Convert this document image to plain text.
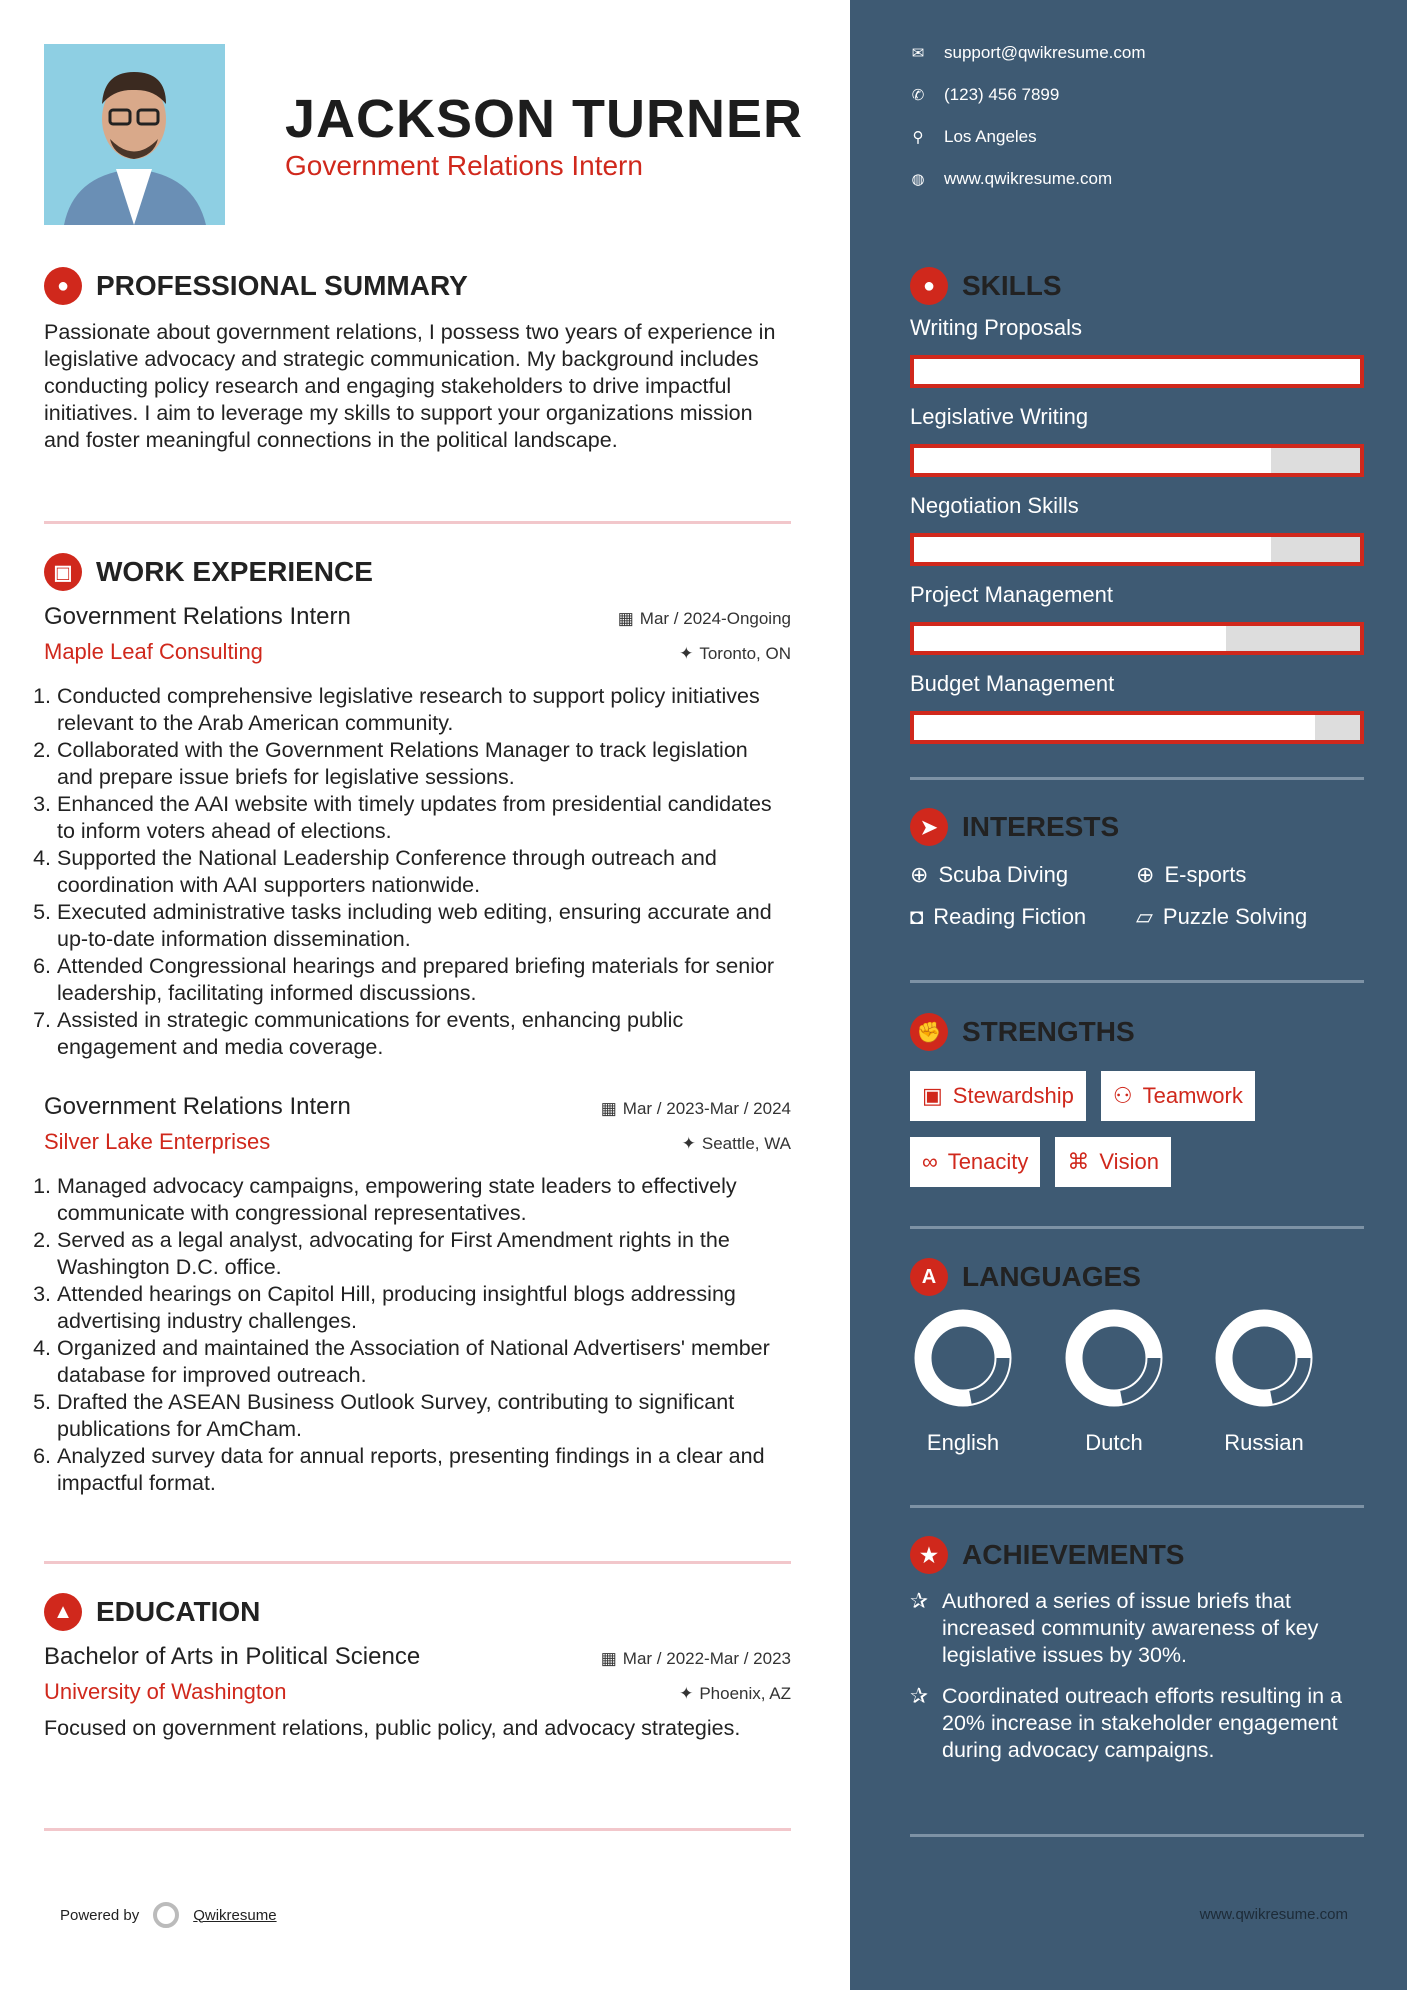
JACKSON TURNER
Government Relations Intern
● PROFESSIONAL SUMMARY

Passionate about government relations, I possess two years of experience in legislative advocacy and strategic communication. My background includes conducting policy research and engaging stakeholders to drive impactful initiatives. I aim to leverage my skills to support your organizations mission and foster meaningful connections in the political landscape.

▣ WORK EXPERIENCE
Government Relations Intern	▦ Mar / 2024-Ongoing
Maple Leaf Consulting	✦ Toronto, ON
1. Conducted comprehensive legislative research to support policy initiatives relevant to the Arab American community.
2. Collaborated with the Government Relations Manager to track legislation and prepare issue briefs for legislative sessions.
3. Enhanced the AAI website with timely updates from presidential candidates to inform voters ahead of elections.
4. Supported the National Leadership Conference through outreach and coordination with AAI supporters nationwide.
5. Executed administrative tasks including web editing, ensuring accurate and up-to-date information dissemination.
6. Attended Congressional hearings and prepared briefing materials for senior leadership, facilitating informed discussions.
7. Assisted in strategic communications for events, enhancing public engagement and media coverage.
Government Relations Intern	▦ Mar / 2023-Mar / 2024
Silver Lake Enterprises	✦ Seattle, WA
1. Managed advocacy campaigns, empowering state leaders to effectively communicate with congressional representatives.
2. Served as a legal analyst, advocating for First Amendment rights in the Washington D.C. office.
3. Attended hearings on Capitol Hill, producing insightful blogs addressing advertising industry challenges.
4. Organized and maintained the Association of National Advertisers' member database for improved outreach.
5. Drafted the ASEAN Business Outlook Survey, contributing to significant publications for AmCham.
6. Analyzed survey data for annual reports, presenting findings in a clear and impactful format.
▲ EDUCATION
Bachelor of Arts in Political Science	▦ Mar / 2022-Mar / 2023
University of Washington	✦ Phoenix, AZ

Focused on government relations, public policy, and advocacy strategies.

Powered by	Qwikresume	www.qwikresume.com
✉ support@qwikresume.com
✆ (123) 456 7899
⚲ Los Angeles
◍ www.qwikresume.com
● SKILLS
Writing Proposals
Legislative Writing
Negotiation Skills
Project Management
Budget Management
➤ INTERESTS
⊕ Scuba Diving	⊕ E-sports
◘ Reading Fiction ▱ Puzzle Solving
✊ STRENGTHS
▣ Stewardship ⚇ Teamwork
∞ Tenacity ⌘ Vision
A LANGUAGES
English	Dutch	Russian
★ ACHIEVEMENTS
✰ Authored a series of issue briefs that increased community awareness of key legislative issues by 30%.
✰ Coordinated outreach efforts resulting in a 20% increase in stakeholder engagement during advocacy campaigns.
